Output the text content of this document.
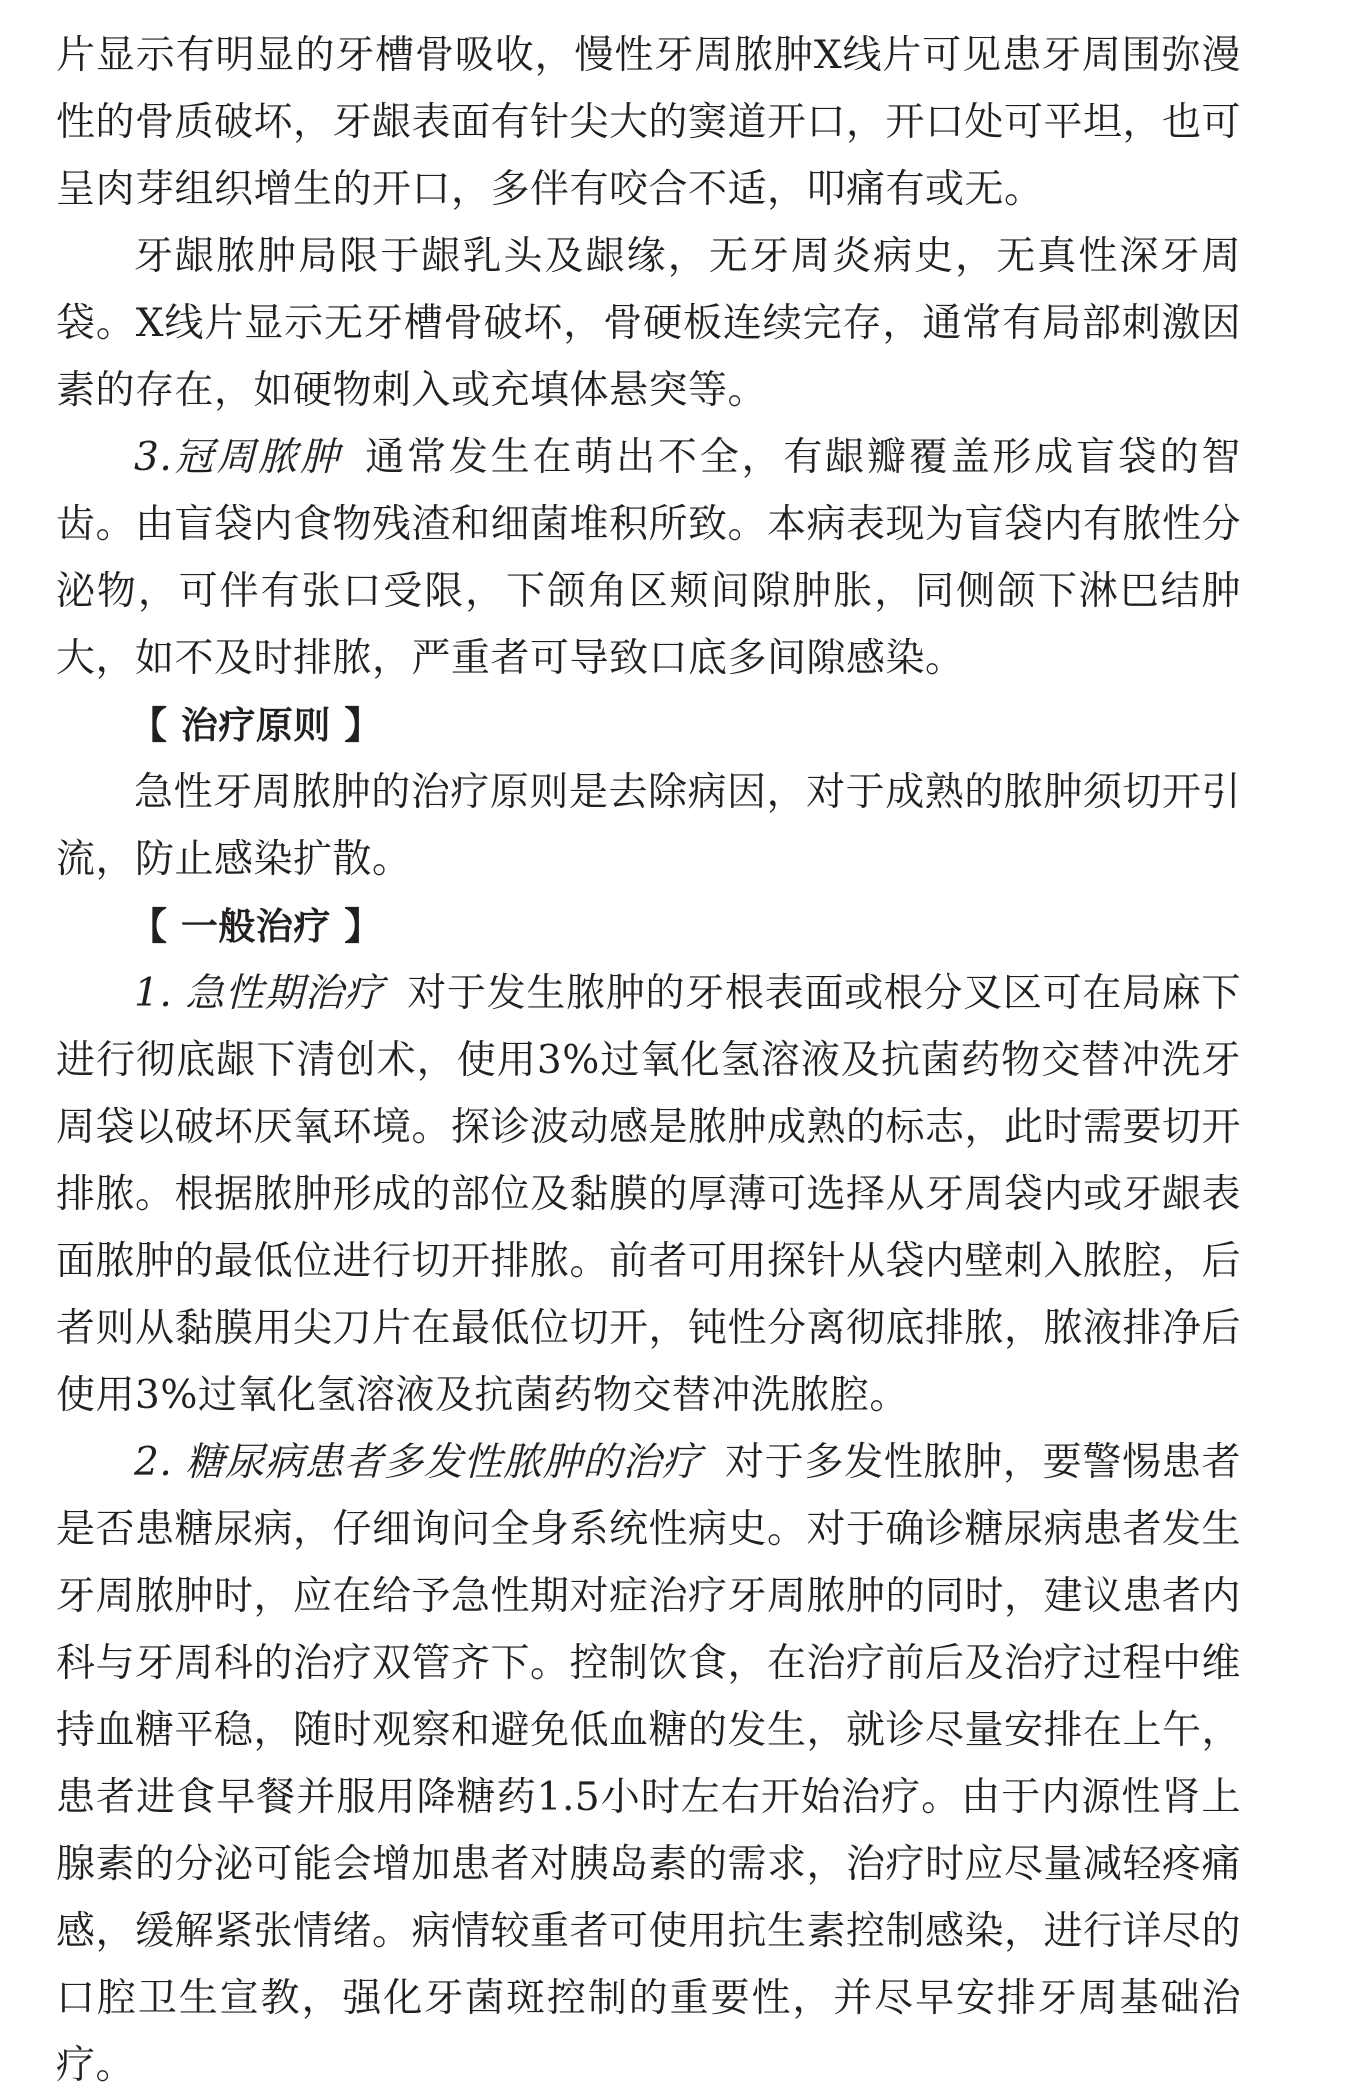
片显示有明显的牙槽骨吸收，慢性牙周脓肿X线片可见患牙周围弥漫性的骨质破坏，牙龈表面有针尖大的窦道开口，开口处可平坦，也可呈肉芽组织增生的开口，多伴有咬合不适，叩痛有或无。

牙龈脓肿局限于龈乳头及龈缘，无牙周炎病史，无真性深牙周袋。X线片显示无牙槽骨破坏，骨硬板连续完存，通常有局部刺激因素的存在，如硬物刺入或充填体悬突等。

3.冠周脓肿 通常发生在萌出不全，有龈瓣覆盖形成盲袋的智齿。由盲袋内食物残渣和细菌堆积所致。本病表现为盲袋内有脓性分泌物，可伴有张口受限，下颌角区颊间隙肿胀，同侧颌下淋巴结肿大，如不及时排脓，严重者可导致口底多间隙感染。

【 治疗原则 】

急性牙周脓肿的治疗原则是去除病因，对于成熟的脓肿须切开引流，防止感染扩散。

【 一般治疗 】

1. 急性期治疗 对于发生脓肿的牙根表面或根分叉区可在局麻下进行彻底龈下清创术，使用3%过氧化氢溶液及抗菌药物交替冲洗牙周袋以破坏厌氧环境。探诊波动感是脓肿成熟的标志，此时需要切开排脓。根据脓肿形成的部位及黏膜的厚薄可选择从牙周袋内或牙龈表面脓肿的最低位进行切开排脓。前者可用探针从袋内壁刺入脓腔，后者则从黏膜用尖刀片在最低位切开，钝性分离彻底排脓，脓液排净后使用3%过氧化氢溶液及抗菌药物交替冲洗脓腔。

2. 糖尿病患者多发性脓肿的治疗 对于多发性脓肿，要警惕患者是否患糖尿病，仔细询问全身系统性病史。对于确诊糖尿病患者发生牙周脓肿时，应在给予急性期对症治疗牙周脓肿的同时，建议患者内科与牙周科的治疗双管齐下。控制饮食，在治疗前后及治疗过程中维持血糖平稳，随时观察和避免低血糖的发生，就诊尽量安排在上午，患者进食早餐并服用降糖药1.5小时左右开始治疗。由于内源性肾上腺素的分泌可能会增加患者对胰岛素的需求，治疗时应尽量减轻疼痛感，缓解紧张情绪。病情较重者可使用抗生素控制感染，进行详尽的口腔卫生宣教，强化牙菌斑控制的重要性，并尽早安排牙周基础治疗。
